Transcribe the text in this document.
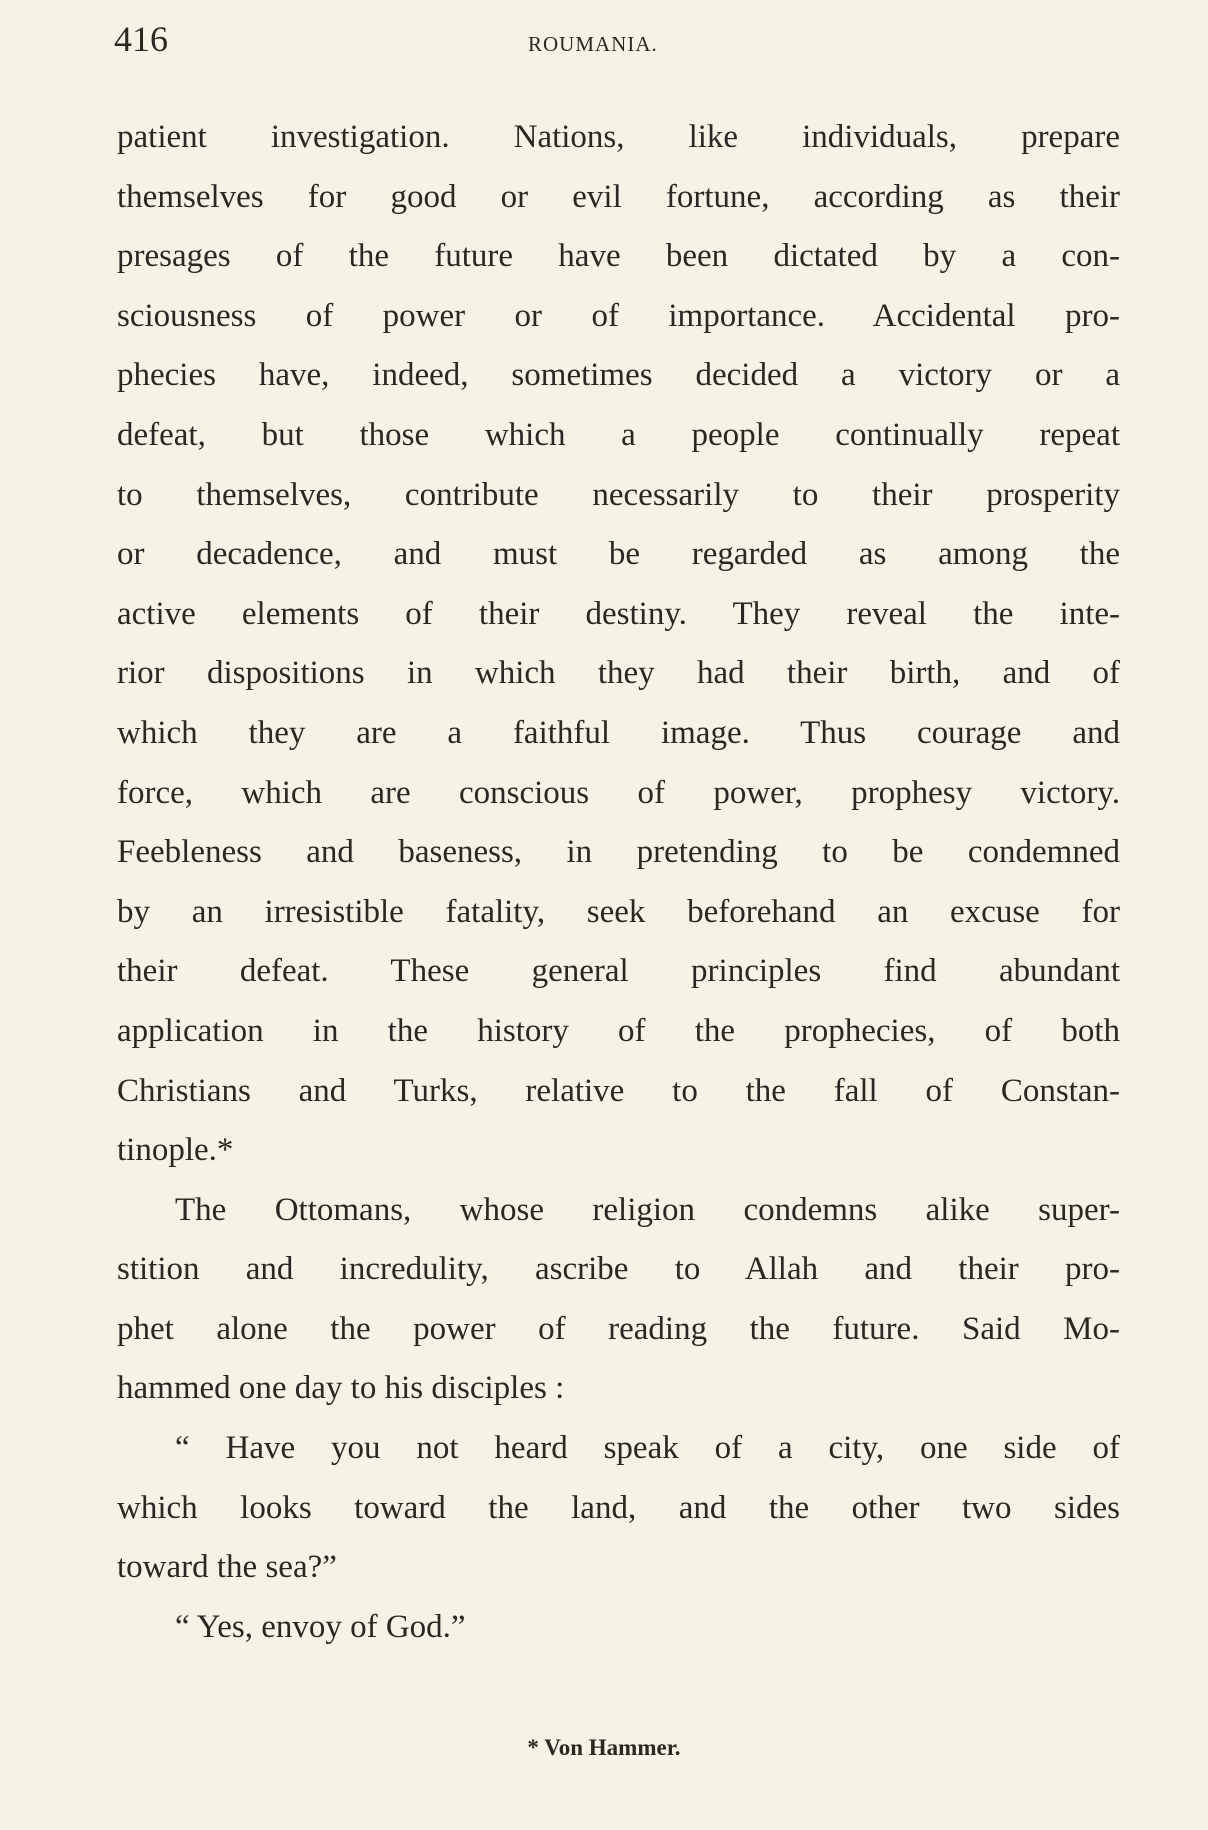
416	ROUMANIA.
patient investigation. Nations, like individuals, prepare
themselves for good or evil fortune, according as their
presages of the future have been dictated by a con-
sciousness of power or of importance. Accidental pro-
phecies have, indeed, sometimes decided a victory or a
defeat, but those which a people continually repeat
to themselves, contribute necessarily to their prosperity
or decadence, and must be regarded as among the
active elements of their destiny. They reveal the inte-
rior dispositions in which they had their birth, and of
which they are a faithful image. Thus courage and
force, which are conscious of power, prophesy victory.
Feebleness and baseness, in pretending to be condemned
by an irresistible fatality, seek beforehand an excuse for
their defeat. These general principles find abundant
application in the history of the prophecies, of both
Christians and Turks, relative to the fall of Constan-
tinople.*
The Ottomans, whose religion condemns alike super-
stition and incredulity, ascribe to Allah and their pro-
phet alone the power of reading the future. Said Mo-
hammed one day to his disciples :
“ Have you not heard speak of a city, one side of
which looks toward the land, and the other two sides
toward the sea?”
“ Yes, envoy of God.”
* Von Hammer.
